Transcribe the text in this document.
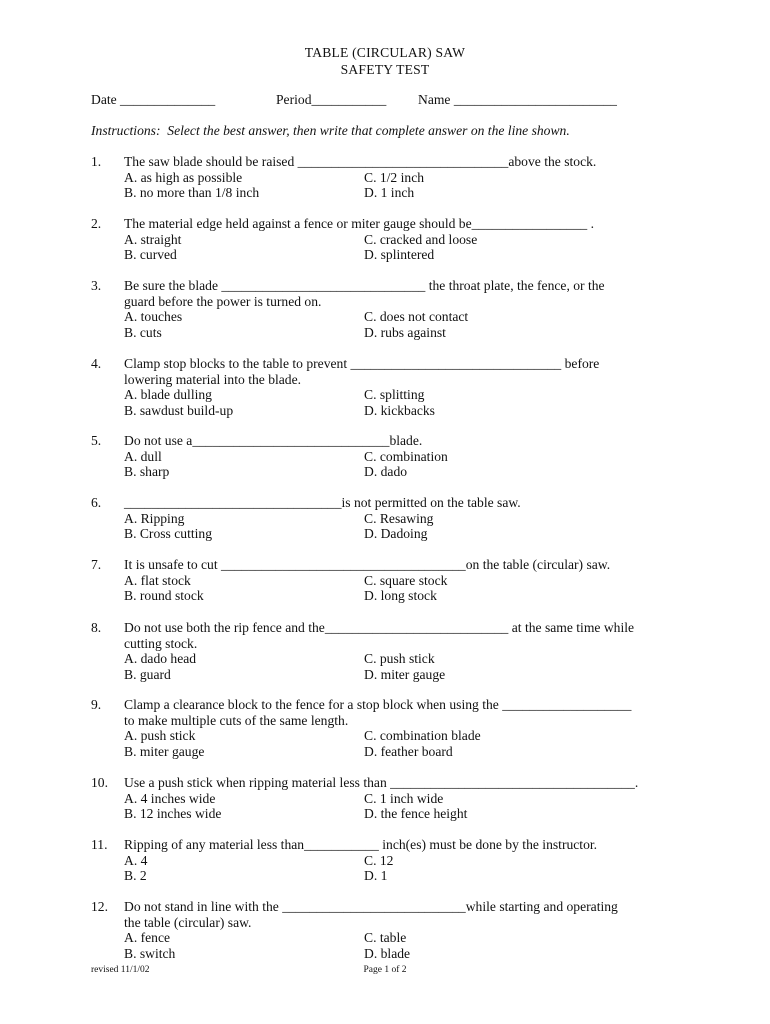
TABLE (CIRCULAR) SAW
SAFETY TEST
Date ______________	Period___________ Name ________________________
Instructions:  Select the best answer, then write that complete answer on the line shown.
1. The saw blade should be raised _______________________________above the stock.
A. as high as possible	C. 1/2 inch
B. no more than 1/8 inch	D. 1 inch
2. The material edge held against a fence or miter gauge should be_________________ .
A. straight	C. cracked and loose
B. curved	D. splintered
3. Be sure the blade ______________________________ the throat plate, the fence, or the
guard before the power is turned on.
A. touches	C. does not contact
B. cuts	D. rubs against
4. Clamp stop blocks to the table to prevent _______________________________ before
lowering material into the blade.
A. blade dulling	C. splitting
B. sawdust build-up	D. kickbacks
5. Do not use a_____________________________blade.
A. dull	C. combination
B. sharp	D. dado
6. ________________________________is not permitted on the table saw.
A. Ripping	C. Resawing
B. Cross cutting	D. Dadoing
7. It is unsafe to cut ____________________________________on the table (circular) saw.
A. flat stock	C. square stock
B. round stock	D. long stock
8. Do not use both the rip fence and the___________________________ at the same time while
cutting stock.
A. dado head	C. push stick
B. guard	D. miter gauge
9. Clamp a clearance block to the fence for a stop block when using the ___________________
to make multiple cuts of the same length.
A. push stick	C. combination blade
B. miter gauge	D. feather board
10. Use a push stick when ripping material less than ____________________________________.
A. 4 inches wide	C. 1 inch wide
B. 12 inches wide	D. the fence height
11. Ripping of any material less than___________ inch(es) must be done by the instructor.
A. 4	C. 12
B. 2	D. 1
12. Do not stand in line with the ___________________________while starting and operating
the table (circular) saw.
A. fence	C. table
B. switch	D. blade
revised 11/1/02	Page 1 of 2
